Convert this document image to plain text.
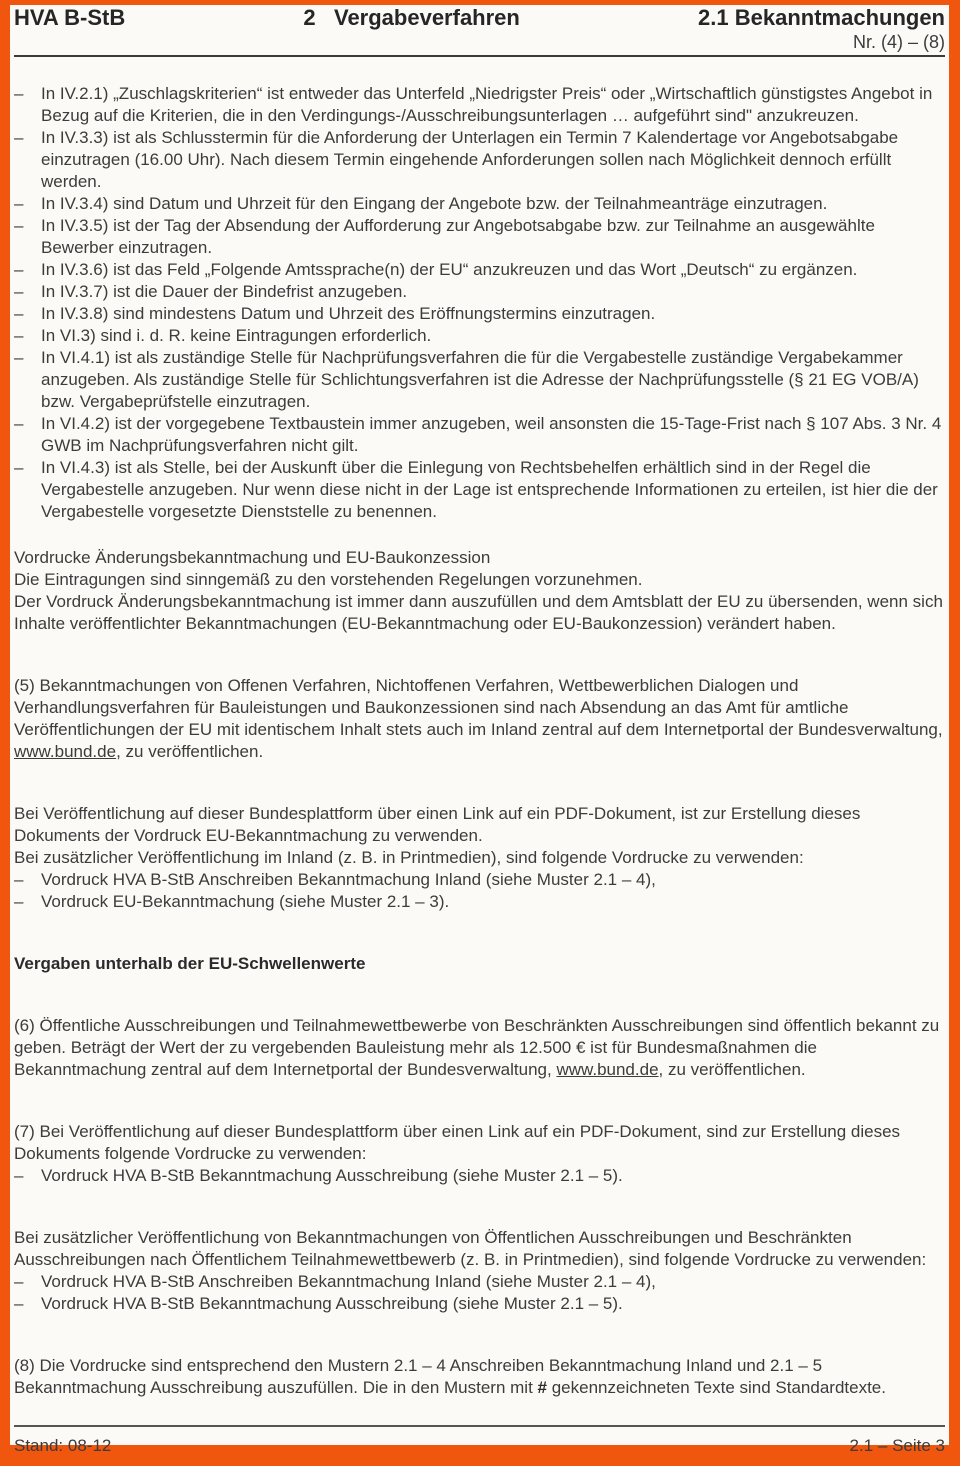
HVA B-StB	2   Vergabeverfahren	2.1 Bekanntmachungen
Nr. (4) – (8)
– In IV.2.1) „Zuschlagskriterien“ ist entweder das Unterfeld „Niedrigster Preis“ oder „Wirtschaftlich günstigstes Angebot in Bezug auf die Kriterien, die in den Verdingungs-/Ausschreibungsunterlagen … aufgeführt sind" anzukreuzen.
– In IV.3.3) ist als Schlusstermin für die Anforderung der Unterlagen ein Termin 7 Kalendertage vor Angebotsabgabe einzutragen (16.00 Uhr). Nach diesem Termin eingehende Anforderungen sollen nach Möglichkeit dennoch erfüllt werden.
– In IV.3.4) sind Datum und Uhrzeit für den Eingang der Angebote bzw. der Teilnahmeanträge einzutragen.
– In IV.3.5) ist der Tag der Absendung der Aufforderung zur Angebotsabgabe bzw. zur Teilnahme an ausgewählte Bewerber einzutragen.
– In IV.3.6) ist das Feld „Folgende Amtssprache(n) der EU“ anzukreuzen und das Wort „Deutsch“ zu ergänzen.
– In IV.3.7) ist die Dauer der Bindefrist anzugeben.
– In IV.3.8) sind mindestens Datum und Uhrzeit des Eröffnungstermins einzutragen.
– In VI.3) sind i. d. R. keine Eintragungen erforderlich.
– In VI.4.1) ist als zuständige Stelle für Nachprüfungsverfahren die für die Vergabestelle zuständige Vergabekammer anzugeben. Als zuständige Stelle für Schlichtungsverfahren ist die Adresse der Nachprüfungsstelle (§ 21 EG VOB/A) bzw. Vergabeprüfstelle einzutragen.
– In VI.4.2) ist der vorgegebene Textbaustein immer anzugeben, weil ansonsten die 15-Tage-Frist nach § 107 Abs. 3 Nr. 4 GWB im Nachprüfungsverfahren nicht gilt.
– In VI.4.3) ist als Stelle, bei der Auskunft über die Einlegung von Rechtsbehelfen erhältlich sind in der Regel die Vergabestelle anzugeben. Nur wenn diese nicht in der Lage ist entsprechende Informationen zu erteilen, ist hier die der Vergabestelle vorgesetzte Dienststelle zu benennen.
Vordrucke Änderungsbekanntmachung und EU-Baukonzession
Die Eintragungen sind sinngemäß zu den vorstehenden Regelungen vorzunehmen.
Der Vordruck Änderungsbekanntmachung ist immer dann auszufüllen und dem Amtsblatt der EU zu übersenden, wenn sich Inhalte veröffentlichter Bekanntmachungen (EU-Bekanntmachung oder EU-Baukonzession) verändert haben.
(5) Bekanntmachungen von Offenen Verfahren, Nichtoffenen Verfahren, Wettbewerblichen Dialogen und Verhandlungsverfahren für Bauleistungen und Baukonzessionen sind nach Absendung an das Amt für amtliche Veröffentlichungen der EU mit identischem Inhalt stets auch im Inland zentral auf dem Internetportal der Bundesverwaltung, www.bund.de, zu veröffentlichen.
Bei Veröffentlichung auf dieser Bundesplattform über einen Link auf ein PDF-Dokument, ist zur Erstellung dieses Dokuments der Vordruck EU-Bekanntmachung zu verwenden.
Bei zusätzlicher Veröffentlichung im Inland (z. B. in Printmedien), sind folgende Vordrucke zu verwenden:
– Vordruck HVA B-StB Anschreiben Bekanntmachung Inland (siehe Muster 2.1 – 4),
– Vordruck EU-Bekanntmachung (siehe Muster 2.1 – 3).
Vergaben unterhalb der EU-Schwellenwerte
(6) Öffentliche Ausschreibungen und Teilnahmewettbewerbe von Beschränkten Ausschreibungen sind öffentlich bekannt zu geben. Beträgt der Wert der zu vergebenden Bauleistung mehr als 12.500 € ist für Bundesmaßnahmen die Bekanntmachung zentral auf dem Internetportal der Bundesverwaltung, www.bund.de, zu veröffentlichen.
(7) Bei Veröffentlichung auf dieser Bundesplattform über einen Link auf ein PDF-Dokument, sind zur Erstellung dieses Dokuments folgende Vordrucke zu verwenden:
– Vordruck HVA B-StB Bekanntmachung Ausschreibung (siehe Muster 2.1 – 5).
Bei zusätzlicher Veröffentlichung von Bekanntmachungen von Öffentlichen Ausschreibungen und Beschränkten Ausschreibungen nach Öffentlichem Teilnahmewettbewerb (z. B. in Printmedien), sind folgende Vordrucke zu verwenden:
– Vordruck HVA B-StB Anschreiben Bekanntmachung Inland (siehe Muster 2.1 – 4),
– Vordruck HVA B-StB Bekanntmachung Ausschreibung (siehe Muster 2.1 – 5).
(8) Die Vordrucke sind entsprechend den Mustern 2.1 – 4 Anschreiben Bekanntmachung Inland und 2.1 – 5 Bekanntmachung Ausschreibung auszufüllen. Die in den Mustern mit # gekennzeichneten Texte sind Standardtexte.
Stand: 08-12	2.1 – Seite 3
